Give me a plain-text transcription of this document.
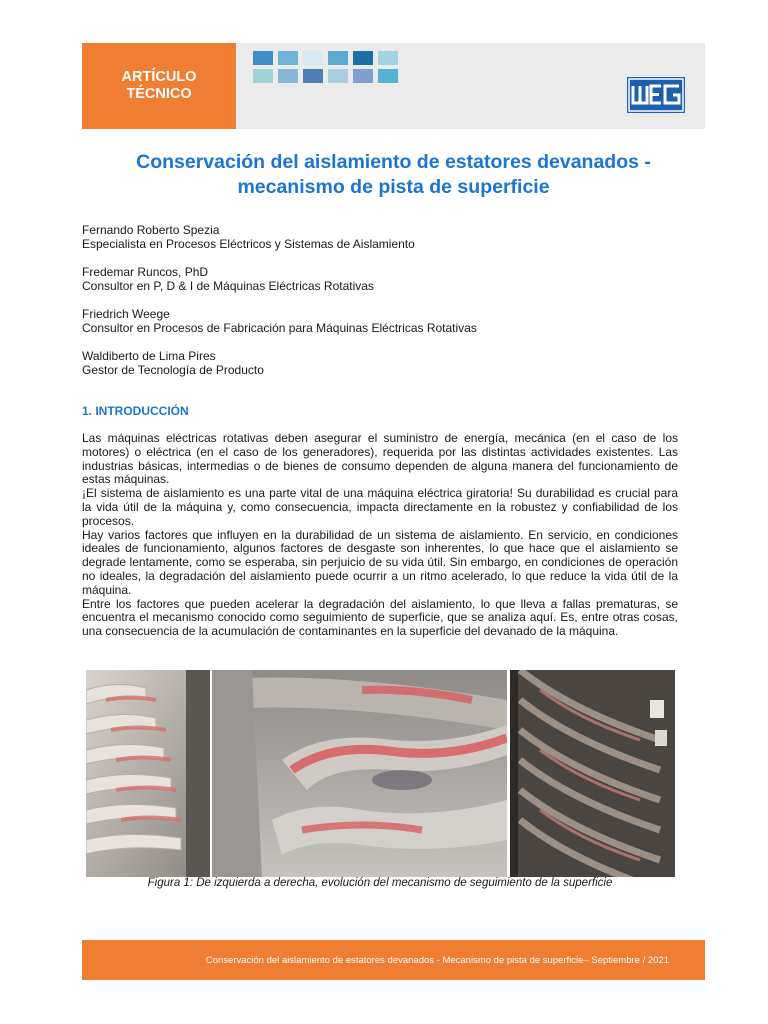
ARTÍCULO
TÉCNICO
Conservación del aislamiento de estatores devanados -
mecanismo de pista de superficie
Fernando Roberto Spezia
Especialista en Procesos Eléctricos y Sistemas de Aislamiento
Fredemar Runcos, PhD
Consultor en P, D & I de Máquinas Eléctricas Rotativas
Friedrich Weege
Consultor en Procesos de Fabricación para Máquinas Eléctricas Rotativas
Waldiberto de Lima Pires
Gestor de Tecnología de Producto
1. INTRODUCCIÓN

Las máquinas eléctricas rotativas deben asegurar el suministro de energía, mecánica (en el caso de los motores) o eléctrica (en el caso de los generadores), requerida por las distintas actividades existentes. Las industrias básicas, intermedias o de bienes de consumo dependen de alguna manera del funcionamiento de estas máquinas.

¡El sistema de aislamiento es una parte vital de una máquina eléctrica giratoria! Su durabilidad es crucial para la vida útil de la máquina y, como consecuencia, impacta directamente en la robustez y confiabilidad de los procesos.

Hay varios factores que influyen en la durabilidad de un sistema de aislamiento. En servicio, en condiciones ideales de funcionamiento, algunos factores de desgaste son inherentes, lo que hace que el aislamiento se degrade lentamente, como se esperaba, sin perjuicio de su vida útil. Sin embargo, en condiciones de operación no ideales, la degradación del aislamiento puede ocurrir a un ritmo acelerado, lo que reduce la vida útil de la máquina.

Entre los factores que pueden acelerar la degradación del aislamiento, lo que lleva a fallas prematuras, se encuentra el mecanismo conocido como seguimiento de superficie, que se analiza aquí. Es, entre otras cosas, una consecuencia de la acumulación de contaminantes en la superficie del devanado de la máquina.

Figura 1: De izquierda a derecha, evolución del mecanismo de seguimiento de la superficie
Conservación del aislamiento de estatores devanados - Mecanismo de pista de superficie– Septiembre / 2021
